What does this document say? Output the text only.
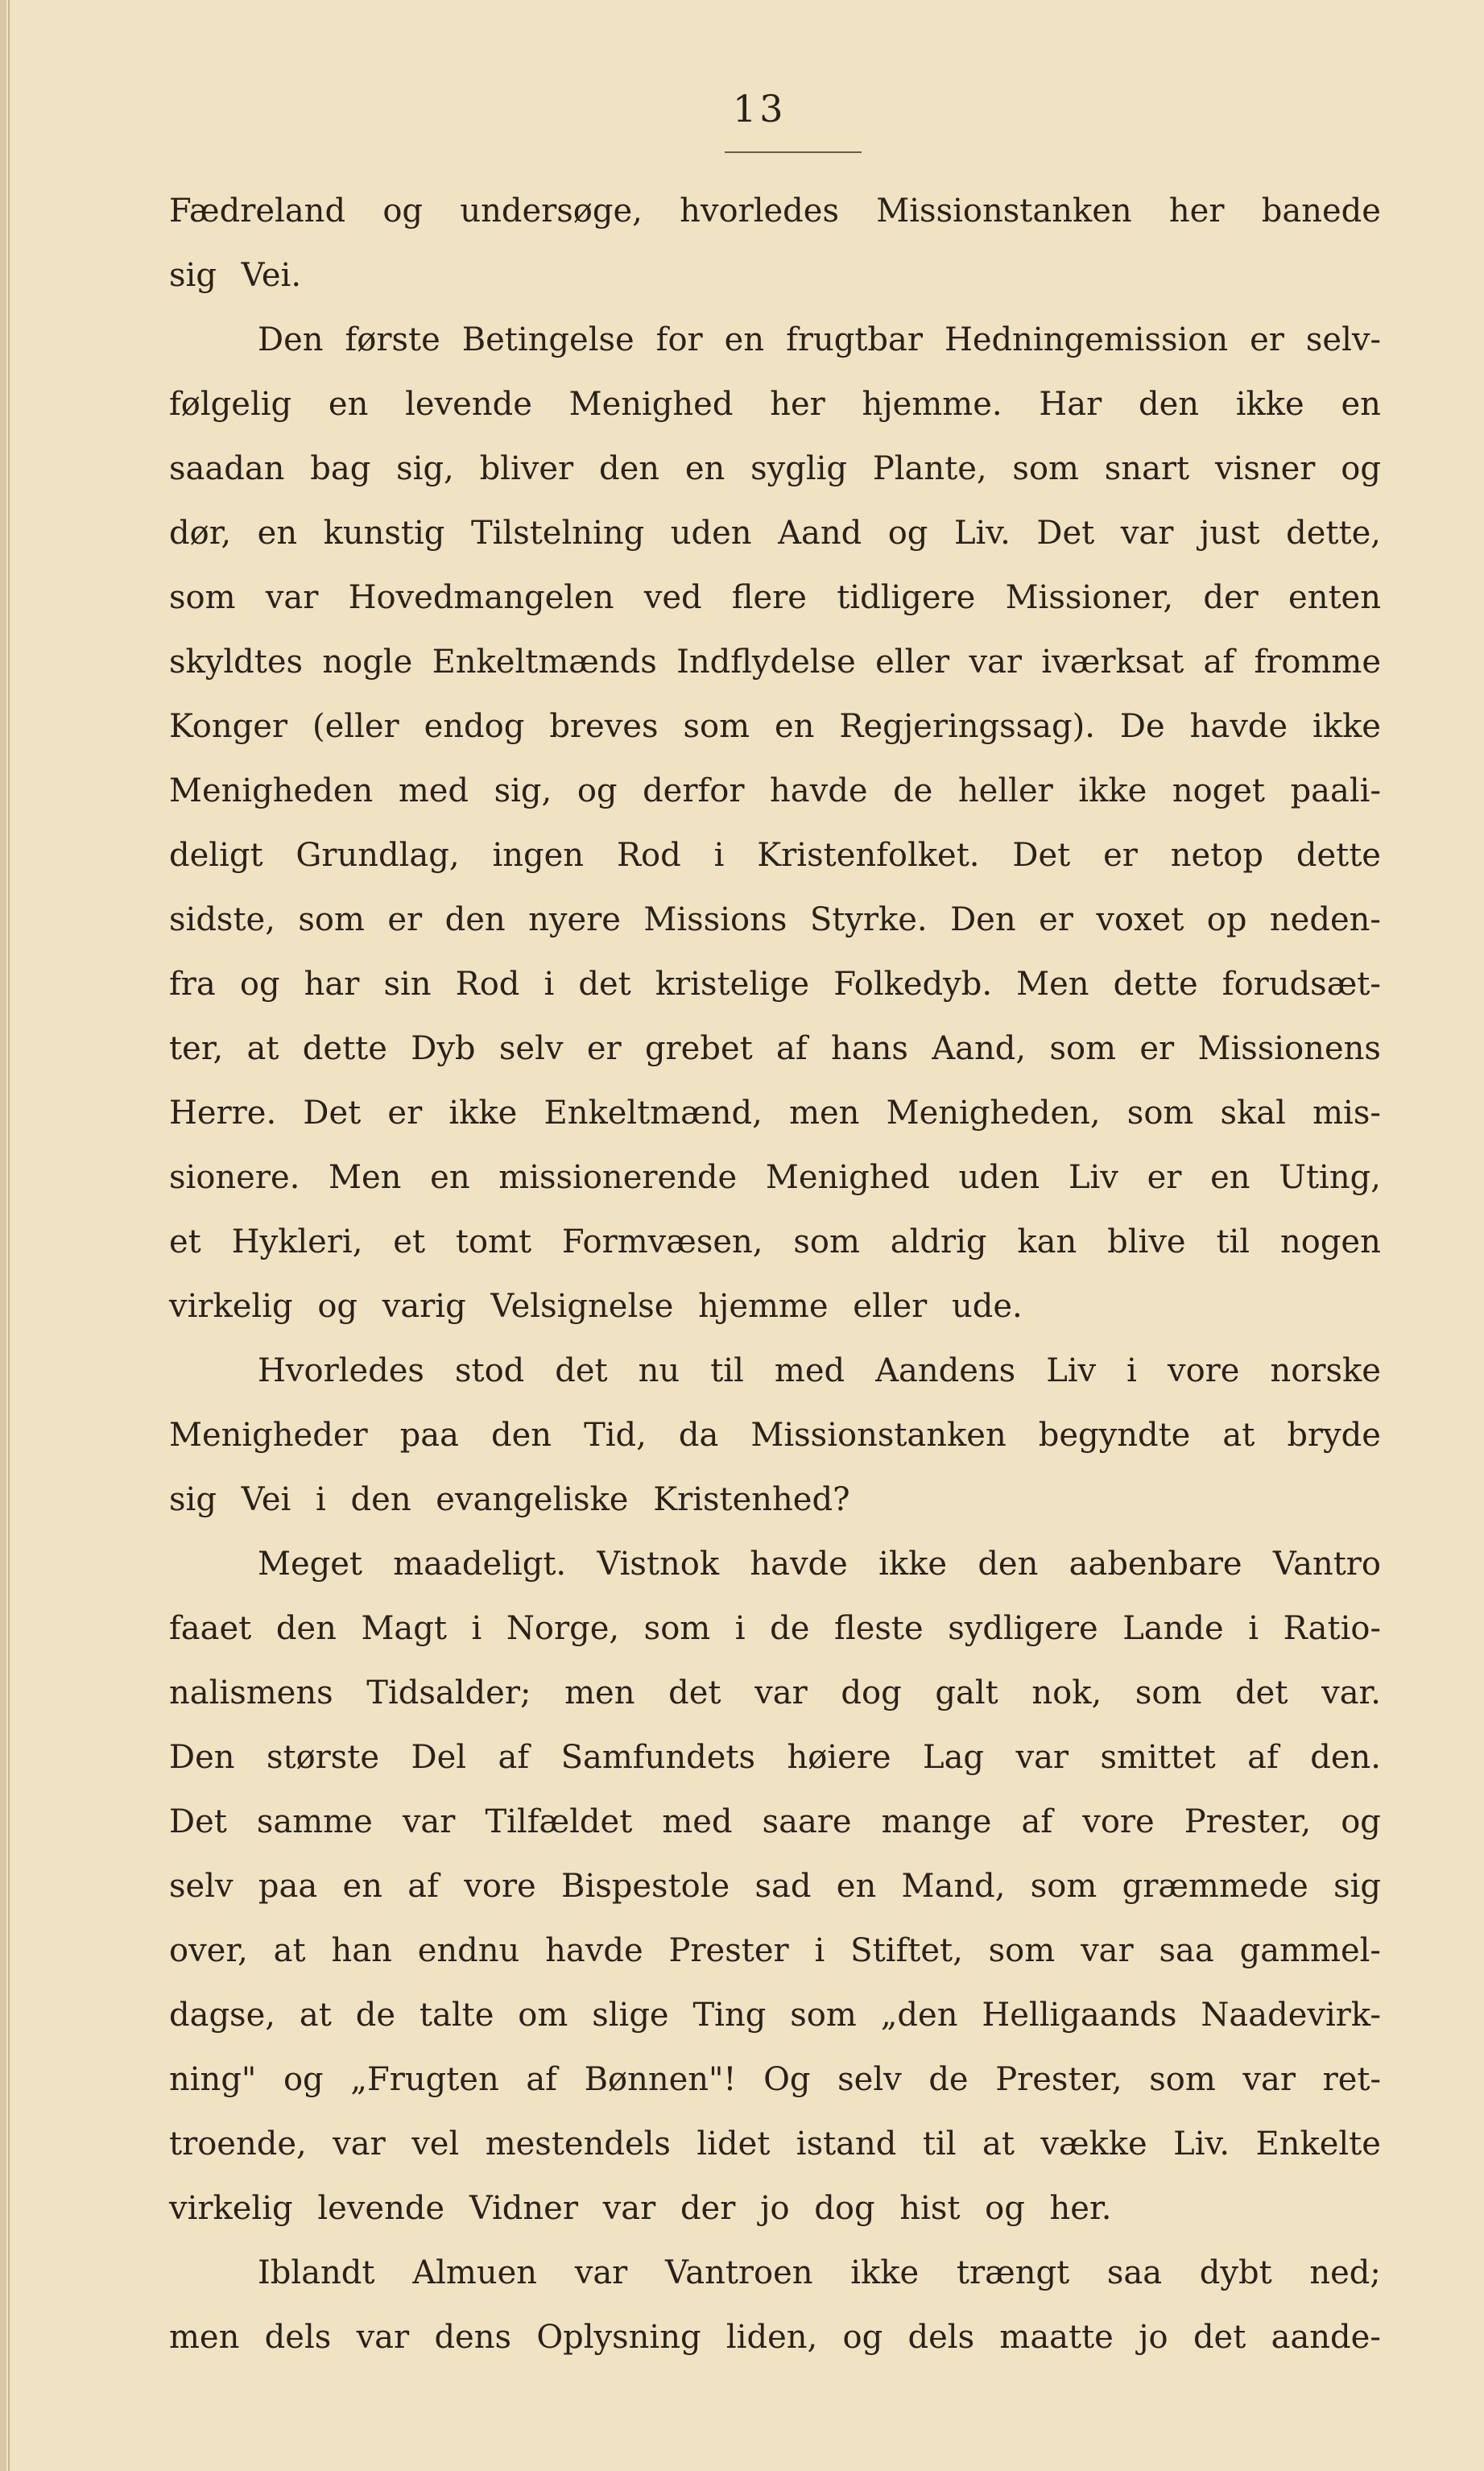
13
Fædreland og undersøge, hvorledes Missionstanken her banede
sig Vei.
Den første Betingelse for en frugtbar Hedningemission er selv-
følgelig en levende Menighed her hjemme. Har den ikke en
saadan bag sig, bliver den en syglig Plante, som snart visner og
dør, en kunstig Tilstelning uden Aand og Liv. Det var just dette,
som var Hovedmangelen ved flere tidligere Missioner, der enten
skyldtes nogle Enkeltmænds Indflydelse eller var iværksat af fromme
Konger (eller endog breves som en Regjeringssag). De havde ikke
Menigheden med sig, og derfor havde de heller ikke noget paali-
deligt Grundlag, ingen Rod i Kristenfolket. Det er netop dette
sidste, som er den nyere Missions Styrke. Den er voxet op neden-
fra og har sin Rod i det kristelige Folkedyb. Men dette forudsæt-
ter, at dette Dyb selv er grebet af hans Aand, som er Missionens
Herre. Det er ikke Enkeltmænd, men Menigheden, som skal mis-
sionere. Men en missionerende Menighed uden Liv er en Uting,
et Hykleri, et tomt Formvæsen, som aldrig kan blive til nogen
virkelig og varig Velsignelse hjemme eller ude.
Hvorledes stod det nu til med Aandens Liv i vore norske
Menigheder paa den Tid, da Missionstanken begyndte at bryde
sig Vei i den evangeliske Kristenhed?
Meget maadeligt. Vistnok havde ikke den aabenbare Vantro
faaet den Magt i Norge, som i de fleste sydligere Lande i Ratio-
nalismens Tidsalder; men det var dog galt nok, som det var.
Den største Del af Samfundets høiere Lag var smittet af den.
Det samme var Tilfældet med saare mange af vore Prester, og
selv paa en af vore Bispestole sad en Mand, som græmmede sig
over, at han endnu havde Prester i Stiftet, som var saa gammel-
dagse, at de talte om slige Ting som „den Helligaands Naadevirk-
ning" og „Frugten af Bønnen"! Og selv de Prester, som var ret-
troende, var vel mestendels lidet istand til at vække Liv. Enkelte
virkelig levende Vidner var der jo dog hist og her.
Iblandt Almuen var Vantroen ikke trængt saa dybt ned;
men dels var dens Oplysning liden, og dels maatte jo det aande-
